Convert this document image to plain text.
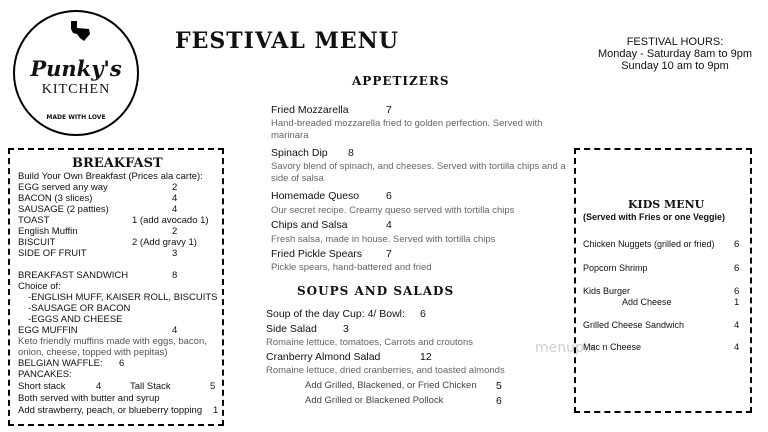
Punky's
KITCHEN
MADE WITH LOVE
FESTIVAL MENU	FESTIVAL HOURS:
Monday - Saturday 8am to 9pm
Sunday 10 am to 9pm
BREAKFAST
Build Your Own Breakfast (Prices ala carte):
EGG served any way	2
BACON (3 slices)	4
SAUSAGE (2 patties)	4
TOAST	1 (add avocado 1)
English Muffin	2
BISCUIT	2 (Add gravy 1)
SIDE OF FRUIT	3
BREAKFAST SANDWICH	8
Choice of:
-ENGLISH MUFF, KAISER ROLL, BISCUITS
-SAUSAGE OR BACON
-EGGS AND CHEESE
EGG MUFFIN	4
Keto friendly muffins made with eggs, bacon,
onion, cheese, topped with pepitas)
BELGIAN WAFFLE: 6
PANCAKES:
Short stack	4	Tall Stack	5
Both served with butter and syrup
Add strawberry, peach, or blueberry topping 1
APPETIZERS
Fried Mozzarella	7
Hand-breaded mozzarella fried to golden perfection. Served with marinara
Spinach Dip 8
Savory blend of spinach, and cheeses. Served with tortilla chips and a side of salsa
Homemade Queso	6
Our secret recipe. Creamy queso served with tortilla chips
Chips and Salsa	4
Fresh salsa, made in house. Served with tortilla chips
Fried Pickle Spears 7
Pickle spears, hand-battered and fried
SOUPS AND SALADS
Soup of the day Cup: 4/ Bowl: 6
Side Salad 3
Romaine lettuce, tomatoes, Carrots and croutons
Cranberry Almond Salad	12
Romaine lettuce, dried cranberries, and toasted almonds
Add Grilled, Blackened, or Fried Chicken	5
Add Grilled or Blackened Pollock	6
menupix
KIDS MENU
(Served with Fries or one Veggie)
Chicken Nuggets (grilled or fried) 6
Popcorn Shrimp	6
Kids Burger	6
Add Cheese	1
Grilled Cheese Sandwich	4
Mac n Cheese	4
